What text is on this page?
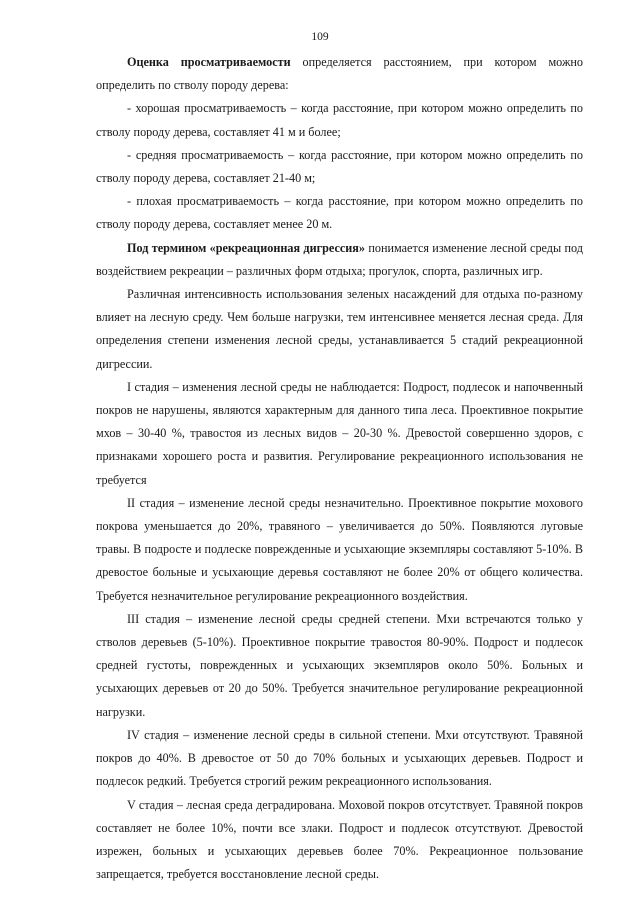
109

Оценка просматриваемости определяется расстоянием, при котором можно определить по стволу породу дерева:

- хорошая просматриваемость – когда расстояние, при котором можно определить по стволу породу дерева, составляет 41 м и более;

- средняя просматриваемость – когда расстояние, при котором можно определить по стволу породу дерева, составляет 21-40 м;

- плохая просматриваемость – когда расстояние, при котором можно определить по стволу породу дерева, составляет менее 20 м.

Под термином «рекреационная дигрессия» понимается изменение лесной среды под воздействием рекреации – различных форм отдыха; прогулок, спорта, различных игр.

Различная интенсивность использования зеленых насаждений для отдыха по-разному влияет на лесную среду. Чем больше нагрузки, тем интенсивнее меняется лесная среда. Для определения степени изменения лесной среды, устанавливается 5 стадий рекреационной дигрессии.

I стадия – изменения лесной среды не наблюдается: Подрост, подлесок и напочвенный покров не нарушены, являются характерным для данного типа леса. Проективное покрытие мхов – 30-40 %, травостоя из лесных видов – 20-30 %. Древостой совершенно здоров, с признаками хорошего роста и развития. Регулирование рекреационного использования не требуется

II стадия – изменение лесной среды незначительно. Проективное покрытие мохового покрова уменьшается до 20%, травяного – увеличивается до 50%. Появляются луговые травы. В подросте и подлеске поврежденные и усыхающие экземпляры составляют 5-10%. В древостое больные и усыхающие деревья составляют не более 20% от общего количества. Требуется незначительное регулирование рекреационного воздействия.

III стадия – изменение лесной среды средней степени. Мхи встречаются только у стволов деревьев (5-10%). Проективное покрытие травостоя 80-90%. Подрост и подлесок средней густоты, поврежденных и усыхающих экземпляров около 50%. Больных и усыхающих деревьев от 20 до 50%. Требуется значительное регулирование рекреационной нагрузки.

IV стадия – изменение лесной среды в сильной степени. Мхи отсутствуют. Травяной покров до 40%. В древостое от 50 до 70% больных и усыхающих деревьев. Подрост и подлесок редкий. Требуется строгий режим рекреационного использования.

V стадия – лесная среда деградирована. Моховой покров отсутствует. Травяной покров составляет не более 10%, почти все злаки. Подрост и подлесок отсутствуют. Древостой изрежен, больных и усыхающих деревьев более 70%. Рекреационное пользование запрещается, требуется восстановление лесной среды.
